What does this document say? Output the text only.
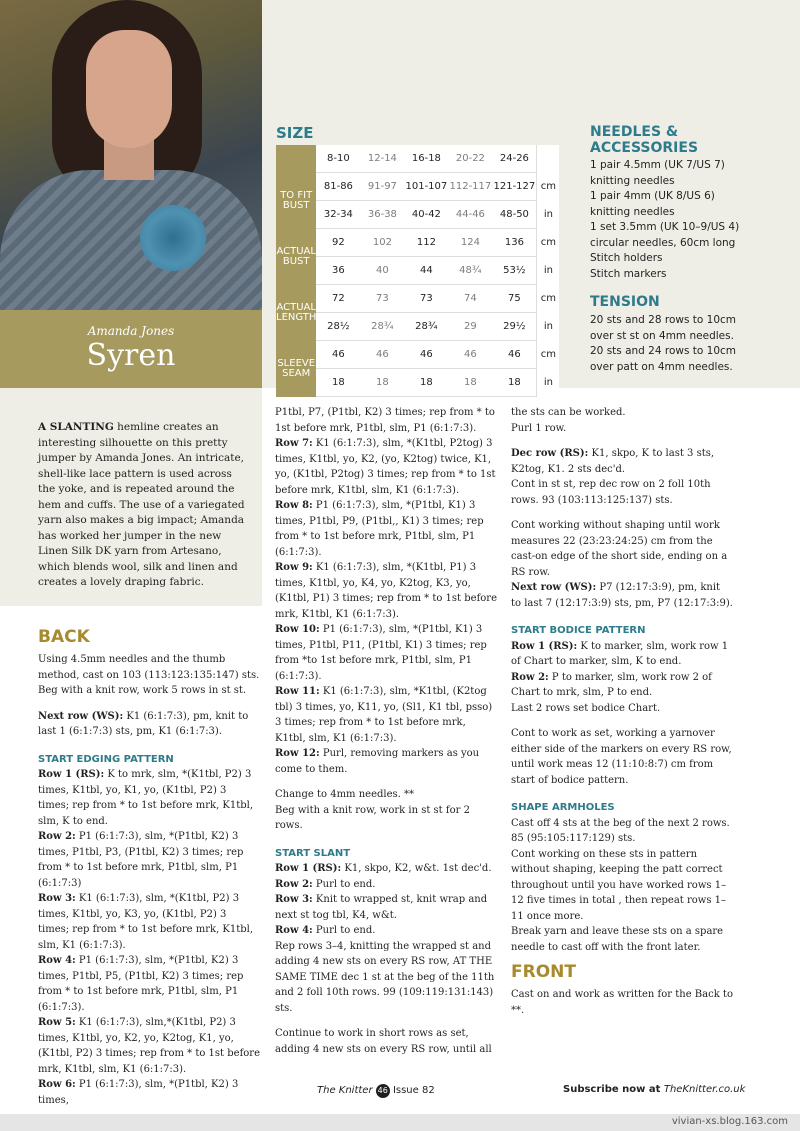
Amanda Jones
Syren
SIZE
	8-10	12-14	16-18	20-22	24-26	
TO FIT BUST	81-86	91-97	101-107	112-117	121-127	cm
	32-34	36-38	40-42	44-46	48-50	in
ACTUAL BUST	92	102	112	124	136	cm
	36	40	44	48¾	53½	in
ACTUAL LENGTH	72	73	73	74	75	cm
	28½	28¾	28¾	29	29½	in
SLEEVE SEAM	46	46	46	46	46	cm
	18	18	18	18	18	in
NEEDLES &
ACCESSORIES
1 pair 4.5mm (UK 7/US 7)
knitting needles
1 pair 4mm (UK 8/US 6)
knitting needles
1 set 3.5mm (UK 10–9/US 4)
circular needles, 60cm long
Stitch holders
Stitch markers
TENSION
20 sts and 28 rows to 10cm
over st st on 4mm needles.
20 sts and 24 rows to 10cm
over patt on 4mm needles.
A SLANTING hemline creates an interesting silhouette on this pretty jumper by Amanda Jones. An intricate, shell-like lace pattern is used across the yoke, and is repeated around the hem and cuffs. The use of a variegated yarn also makes a big impact; Amanda has worked her jumper in the new Linen Silk DK yarn from Artesano, which blends wool, silk and linen and creates a lovely draping fabric.
BACK

Using 4.5mm needles and the thumb method, cast on 103 (113:123:135:147) sts. Beg with a knit row, work 5 rows in st st.

Next row (WS): K1 (6:1:7:3), pm, knit to last 1 (6:1:7:3) sts, pm, K1 (6:1:7:3).

START EDGING PATTERN

Row 1 (RS): K to mrk, slm, *(K1tbl, P2) 3 times, K1tbl, yo, K1, yo, (K1tbl, P2) 3 times; rep from * to 1st before mrk, K1tbl, slm, K to end.

Row 2: P1 (6:1:7:3), slm, *(P1tbl, K2) 3 times, P1tbl, P3, (P1tbl, K2) 3 times; rep from * to 1st before mrk, P1tbl, slm, P1 (6:1:7:3)

Row 3: K1 (6:1:7:3), slm, *(K1tbl, P2) 3 times, K1tbl, yo, K3, yo, (K1tbl, P2) 3 times; rep from * to 1st before mrk, K1tbl, slm, K1 (6:1:7:3).

Row 4: P1 (6:1:7:3), slm, *(P1tbl, K2) 3 times, P1tbl, P5, (P1tbl, K2) 3 times; rep from * to 1st before mrk, P1tbl, slm, P1 (6:1:7:3).

Row 5: K1 (6:1:7:3), slm,*(K1tbl, P2) 3 times, K1tbl, yo, K2, yo, K2tog, K1, yo, (K1tbl, P2) 3 times; rep from * to 1st before mrk, K1tbl, slm, K1 (6:1:7:3).

Row 6: P1 (6:1:7:3), slm, *(P1tbl, K2) 3 times,

P1tbl, P7, (P1tbl, K2) 3 times; rep from * to 1st before mrk, P1tbl, slm, P1 (6:1:7:3).

Row 7: K1 (6:1:7:3), slm, *(K1tbl, P2tog) 3 times, K1tbl, yo, K2, (yo, K2tog) twice, K1, yo, (K1tbl, P2tog) 3 times; rep from * to 1st before mrk, K1tbl, slm, K1 (6:1:7:3).

Row 8: P1 (6:1:7:3), slm, *(P1tbl, K1) 3 times, P1tbl, P9, (P1tbl,, K1) 3 times; rep from * to 1st before mrk, P1tbl, slm, P1 (6:1:7:3).

Row 9: K1 (6:1:7:3), slm, *(K1tbl, P1) 3 times, K1tbl, yo, K4, yo, K2tog, K3, yo, (K1tbl, P1) 3 times; rep from * to 1st before mrk, K1tbl, K1 (6:1:7:3).

Row 10: P1 (6:1:7:3), slm, *(P1tbl, K1) 3 times, P1tbl, P11, (P1tbl, K1) 3 times; rep from *to 1st before mrk, P1tbl, slm, P1 (6:1:7:3).

Row 11: K1 (6:1:7:3), slm, *K1tbl, (K2tog tbl) 3 times, yo, K11, yo, (Sl1, K1 tbl, psso) 3 times; rep from * to 1st before mrk, K1tbl, slm, K1 (6:1:7:3).

Row 12: Purl, removing markers as you come to them.

Change to 4mm needles. **

Beg with a knit row, work in st st for 2 rows.

START SLANT

Row 1 (RS): K1, skpo, K2, w&t. 1st dec'd.

Row 2: Purl to end.

Row 3: Knit to wrapped st, knit wrap and next st tog tbl, K4, w&t.

Row 4: Purl to end.

Rep rows 3–4, knitting the wrapped st and adding 4 new sts on every RS row, AT THE SAME TIME dec 1 st at the beg of the 11th and 2 foll 10th rows. 99 (109:119:131:143) sts.

Continue to work in short rows as set, adding 4 new sts on every RS row, until all

the sts can be worked.

Purl 1 row.

Dec row (RS): K1, skpo, K to last 3 sts, K2tog, K1. 2 sts dec'd.

Cont in st st, rep dec row on 2 foll 10th rows. 93 (103:113:125:137) sts.

Cont working without shaping until work measures 22 (23:23:24:25) cm from the cast-on edge of the short side, ending on a RS row.

Next row (WS): P7 (12:17:3:9), pm, knit to last 7 (12:17:3:9) sts, pm, P7 (12:17:3:9).

START BODICE PATTERN

Row 1 (RS): K to marker, slm, work row 1 of Chart to marker, slm, K to end.

Row 2: P to marker, slm, work row 2 of Chart to mrk, slm, P to end.

Last 2 rows set bodice Chart.

Cont to work as set, working a yarnover either side of the markers on every RS row, until work meas 12 (11:10:8:7) cm from start of bodice pattern.

SHAPE ARMHOLES

Cast off 4 sts at the beg of the next 2 rows. 85 (95:105:117:129) sts.

Cont working on these sts in pattern without shaping, keeping the patt correct throughout until you have worked rows 1–12 five times in total , then repeat rows 1–11 once more.

Break yarn and leave these sts on a spare needle to cast off with the front later.

FRONT

Cast on and work as written for the Back to **.

The Knitter 46 Issue 82	Subscribe now at TheKnitter.co.uk
vivian-xs.blog.163.com
